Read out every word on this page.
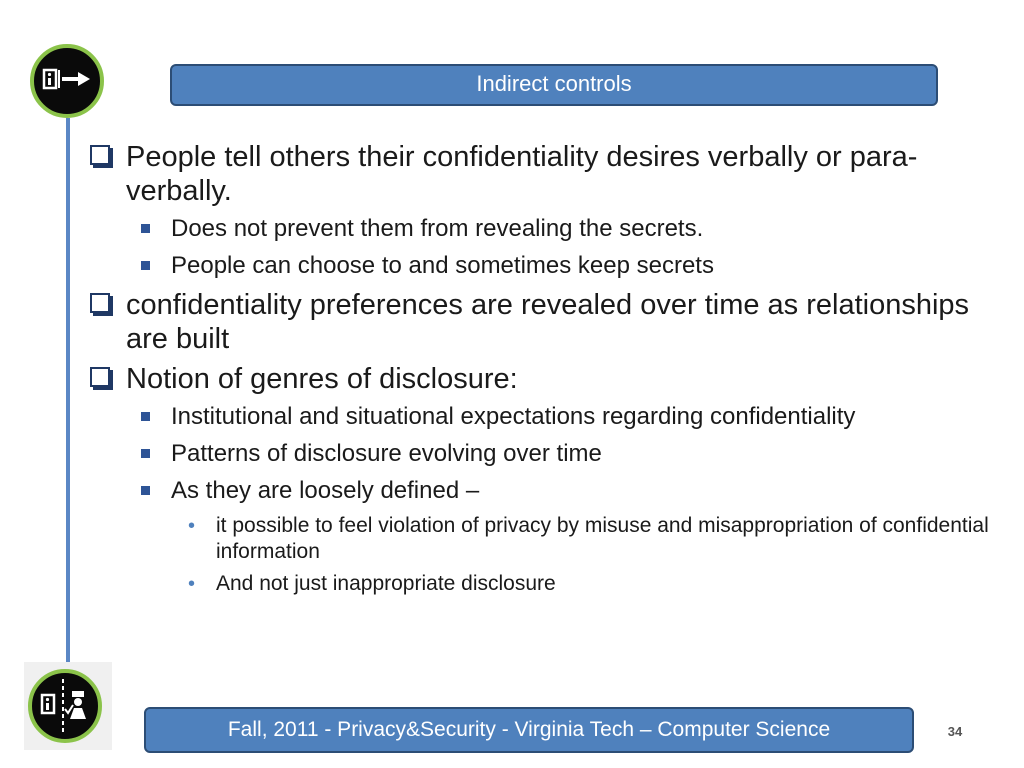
Indirect controls
People tell others their confidentiality desires verbally or para-verbally.
Does not prevent them from revealing the secrets.
People can choose to and sometimes keep secrets
confidentiality preferences are revealed over time as relationships are built
Notion of genres of disclosure:
Institutional and situational expectations regarding confidentiality
Patterns of disclosure evolving over time
As they are loosely defined –
• it possible to feel violation of privacy by misuse and misappropriation of confidential information
• And not just inappropriate disclosure
Fall, 2011 - Privacy&Security - Virginia Tech – Computer Science	34
